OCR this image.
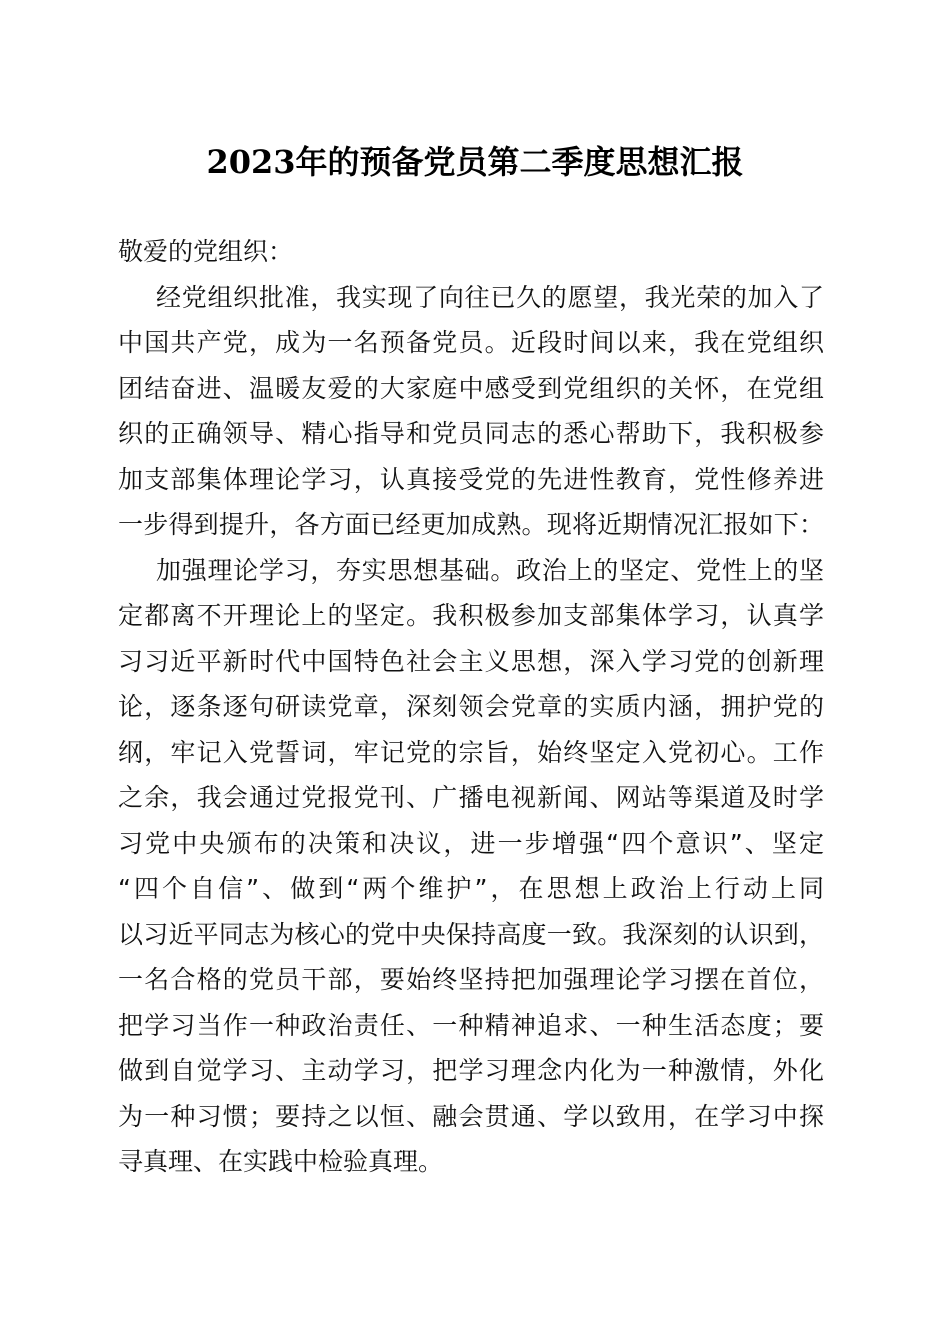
2023年的预备党员第二季度思想汇报
敬爱的党组织：
经党组织批准，我实现了向往已久的愿望，我光荣的加入了
中国共产党，成为一名预备党员。近段时间以来，我在党组织
团结奋进、温暖友爱的大家庭中感受到党组织的关怀，在党组
织的正确领导、精心指导和党员同志的悉心帮助下，我积极参
加支部集体理论学习，认真接受党的先进性教育，党性修养进
一步得到提升，各方面已经更加成熟。现将近期情况汇报如下：
加强理论学习，夯实思想基础。政治上的坚定、党性上的坚
定都离不开理论上的坚定。我积极参加支部集体学习，认真学
习习近平新时代中国特色社会主义思想，深入学习党的创新理
论，逐条逐句研读党章，深刻领会党章的实质内涵，拥护党的
纲，牢记入党誓词，牢记党的宗旨，始终坚定入党初心。工作
之余，我会通过党报党刊、广播电视新闻、网站等渠道及时学
习党中央颁布的决策和决议，进一步增强“四个意识”、坚定
“四个自信”、做到“两个维护”，在思想上政治上行动上同
以习近平同志为核心的党中央保持高度一致。我深刻的认识到，
一名合格的党员干部，要始终坚持把加强理论学习摆在首位，
把学习当作一种政治责任、一种精神追求、一种生活态度；要
做到自觉学习、主动学习，把学习理念内化为一种激情，外化
为一种习惯；要持之以恒、融会贯通、学以致用，在学习中探
寻真理、在实践中检验真理。
